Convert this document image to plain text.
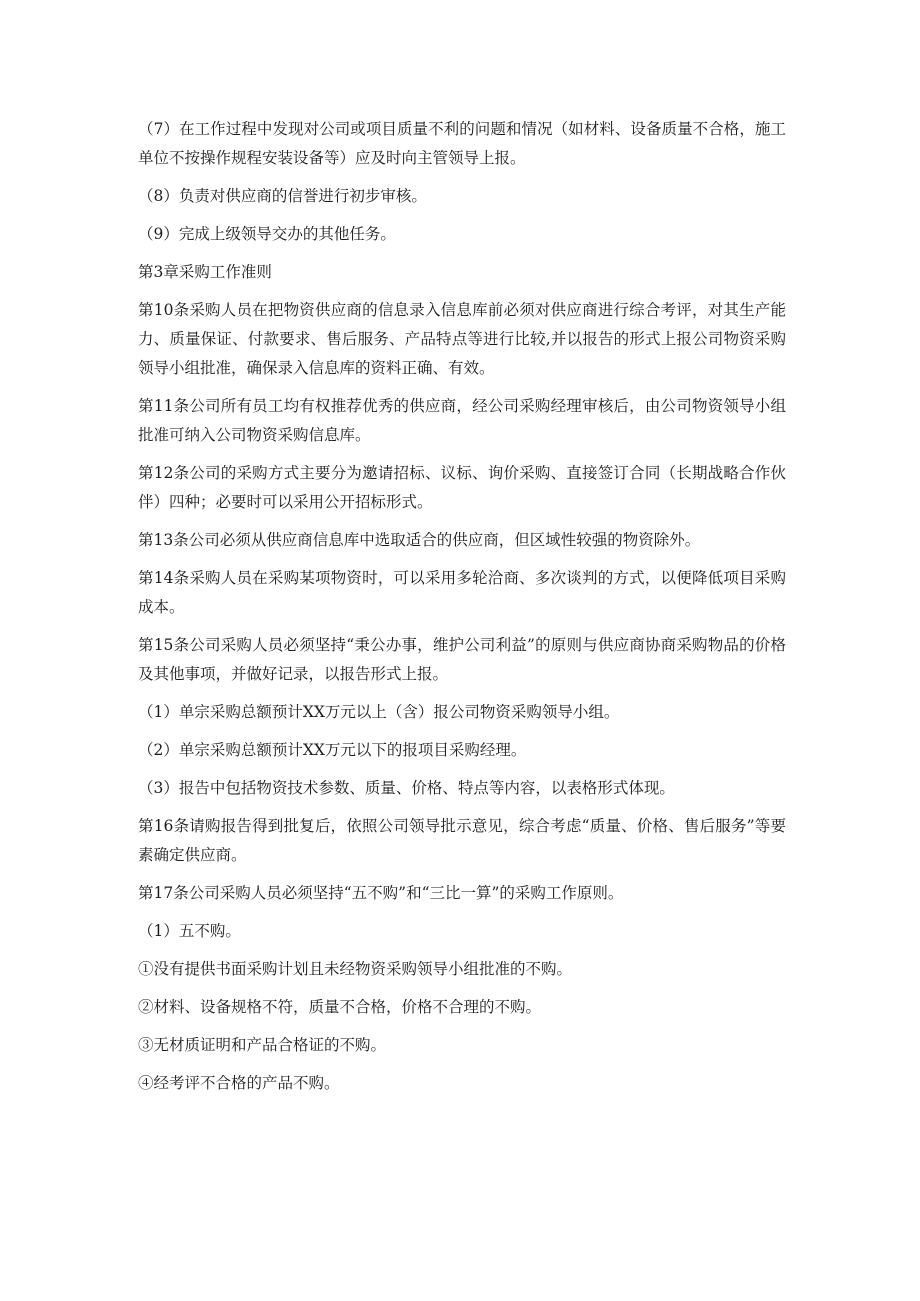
（7）在工作过程中发现对公司或项目质量不利的问题和情况（如材料、设备质量不合格，施工单位不按操作规程安装设备等）应及时向主管领导上报。

（8）负责对供应商的信誉进行初步审核。

（9）完成上级领导交办的其他任务。

第3章采购工作准则

第10条采购人员在把物资供应商的信息录入信息库前必须对供应商进行综合考评，对其生产能力、质量保证、付款要求、售后服务、产品特点等进行比较,并以报告的形式上报公司物资采购领导小组批准，确保录入信息库的资料正确、有效。

第11条公司所有员工均有权推荐优秀的供应商，经公司采购经理审核后，由公司物资领导小组批准可纳入公司物资采购信息库。

第12条公司的采购方式主要分为邀请招标、议标、询价采购、直接签订合同（长期战略合作伙伴）四种；必要时可以采用公开招标形式。

第13条公司必须从供应商信息库中选取适合的供应商，但区域性较强的物资除外。

第14条采购人员在采购某项物资时，可以采用多轮洽商、多次谈判的方式，以便降低项目采购成本。

第15条公司采购人员必须坚持“秉公办事，维护公司利益”的原则与供应商协商采购物品的价格及其他事项，并做好记录，以报告形式上报。

（1）单宗采购总额预计XX万元以上（含）报公司物资采购领导小组。

（2）单宗采购总额预计XX万元以下的报项目采购经理。

（3）报告中包括物资技术参数、质量、价格、特点等内容，以表格形式体现。

第16条请购报告得到批复后，依照公司领导批示意见，综合考虑“质量、价格、售后服务”等要素确定供应商。

第17条公司采购人员必须坚持“五不购”和“三比一算”的采购工作原则。

（1）五不购。

①没有提供书面采购计划且未经物资采购领导小组批准的不购。

②材料、设备规格不符，质量不合格，价格不合理的不购。

③无材质证明和产品合格证的不购。

④经考评不合格的产品不购。
